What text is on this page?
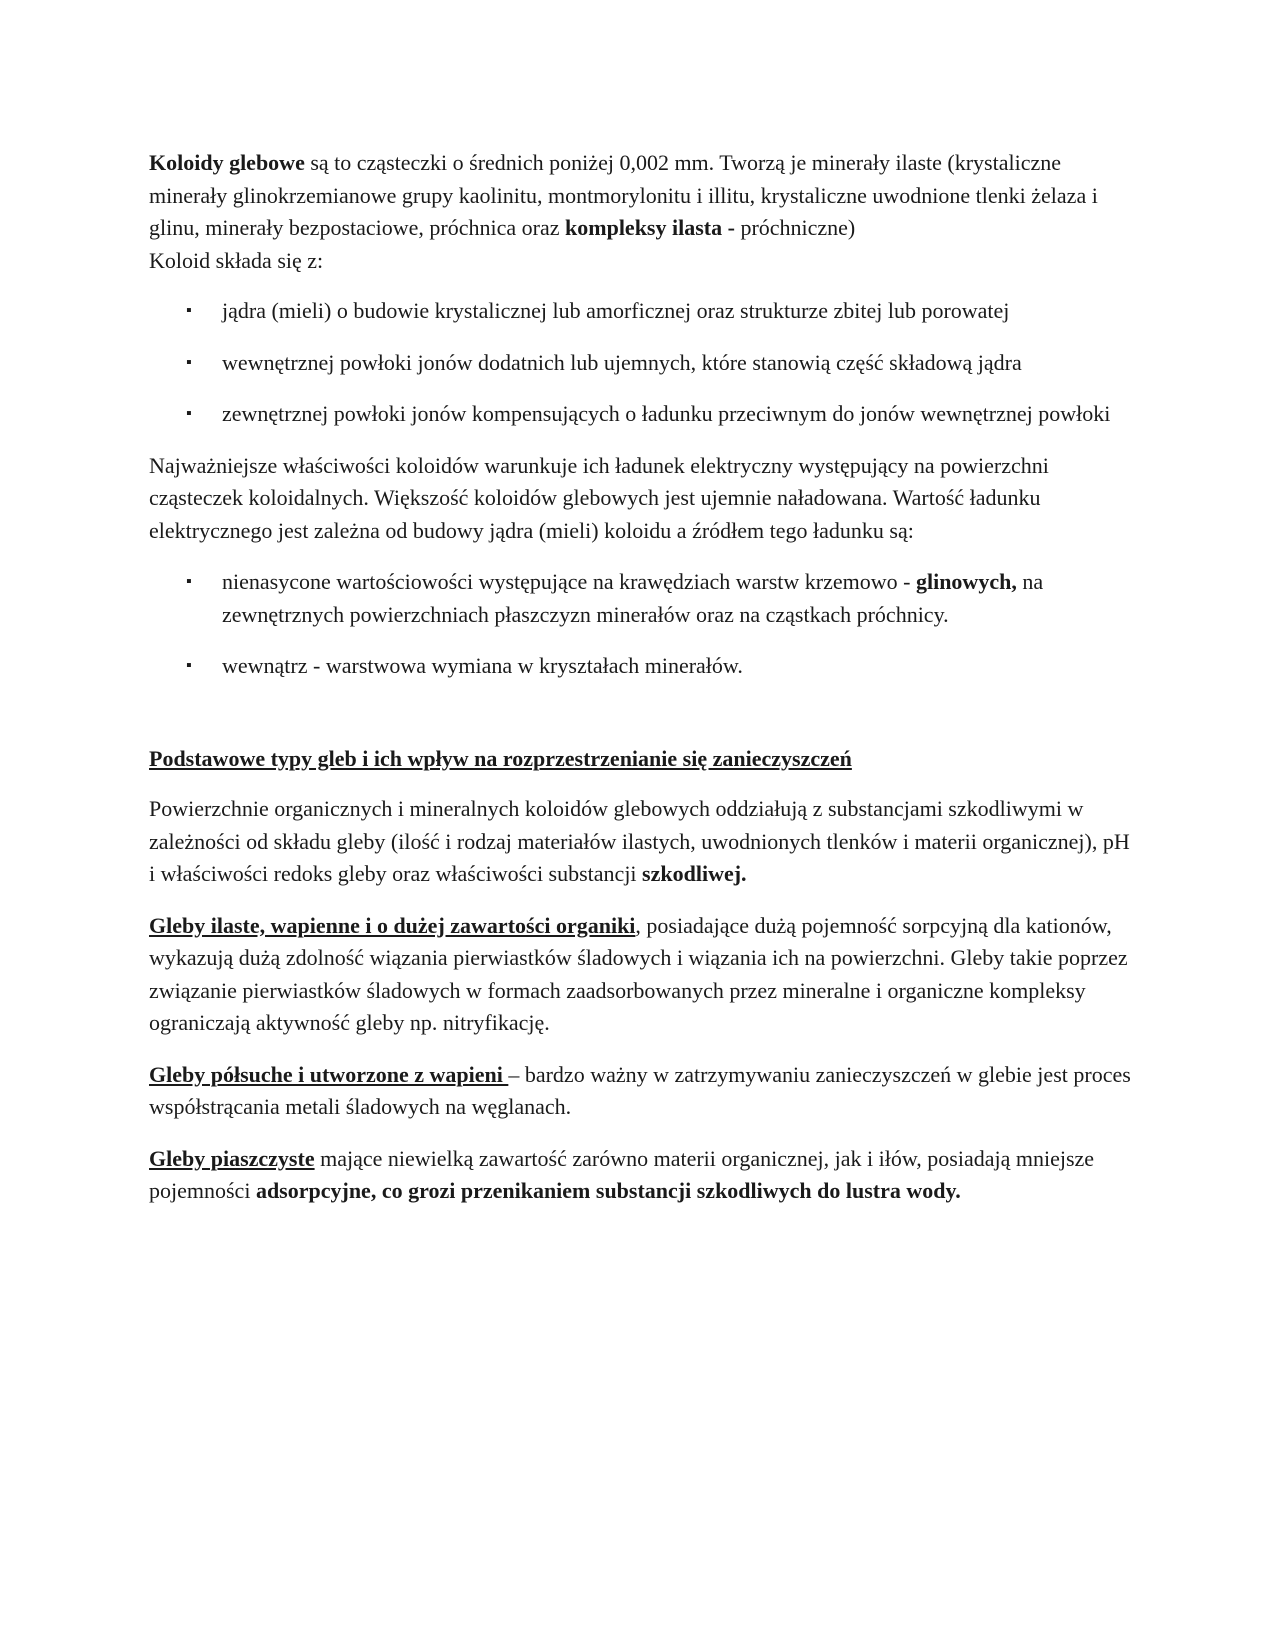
Koloidy glebowe są to cząsteczki o średnich poniżej 0,002 mm. Tworzą je minerały ilaste (krystaliczne minerały glinokrzemianowe grupy kaolinitu, montmorylonitu i illitu, krystaliczne uwodnione tlenki żelaza i glinu, minerały bezpostaciowe, próchnica oraz kompleksy ilasta - próchniczne)

Koloid składa się z:

▪ jądra (mieli) o budowie krystalicznej lub amorficznej oraz strukturze zbitej lub porowatej
▪ wewnętrznej powłoki jonów dodatnich lub ujemnych, które stanowią część składową jądra
▪ zewnętrznej powłoki jonów kompensujących o ładunku przeciwnym do jonów wewnętrznej powłoki

Najważniejsze właściwości koloidów warunkuje ich ładunek elektryczny występujący na powierzchni cząsteczek koloidalnych. Większość koloidów glebowych jest ujemnie naładowana. Wartość ładunku elektrycznego jest zależna od budowy jądra (mieli) koloidu a źródłem tego ładunku są:

▪ nienasycone wartościowości występujące na krawędziach warstw krzemowo - glinowych, na zewnętrznych powierzchniach płaszczyzn minerałów oraz na cząstkach próchnicy.
▪ wewnątrz - warstwowa wymiana w kryształach minerałów.

Podstawowe typy gleb i ich wpływ na rozprzestrzenianie się zanieczyszczeń

Powierzchnie organicznych i mineralnych koloidów glebowych oddziałują z substancjami szkodliwymi w zależności od składu gleby (ilość i rodzaj materiałów ilastych, uwodnionych tlenków i materii organicznej), pH i właściwości redoks gleby oraz właściwości substancji szkodliwej.

Gleby ilaste, wapienne i o dużej zawartości organiki, posiadające dużą pojemność sorpcyjną dla kationów, wykazują dużą zdolność wiązania pierwiastków śladowych i wiązania ich na powierzchni. Gleby takie poprzez związanie pierwiastków śladowych w formach zaadsorbowanych przez mineralne i organiczne kompleksy ograniczają aktywność gleby np. nitryfikację.

Gleby półsuche i utworzone z wapieni – bardzo ważny w zatrzymywaniu zanieczyszczeń w glebie jest proces współstrącania metali śladowych na węglanach.

Gleby piaszczyste mające niewielką zawartość zarówno materii organicznej, jak i iłów, posiadają mniejsze pojemności adsorpcyjne, co grozi przenikaniem substancji szkodliwych do lustra wody.
